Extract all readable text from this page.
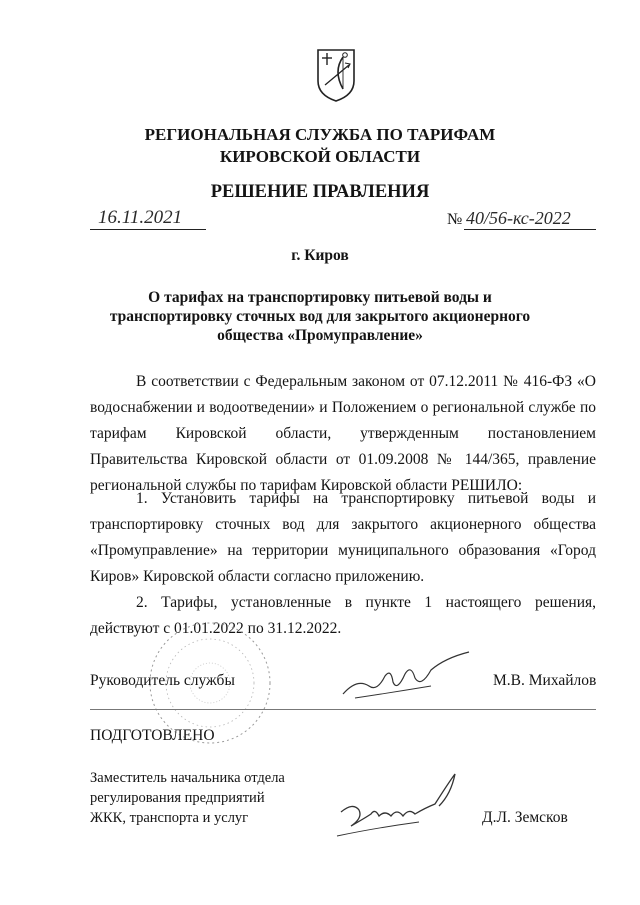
РЕГИОНАЛЬНАЯ СЛУЖБА ПО ТАРИФАМ
КИРОВСКОЙ ОБЛАСТИ
РЕШЕНИЕ ПРАВЛЕНИЯ
16.11.2021	№ 40/56-кс-2022
г. Киров
О тарифах на транспортировку питьевой воды и
транспортировку сточных вод для закрытого акционерного
общества «Промуправление»
В соответствии с Федеральным законом от 07.12.2011 № 416-ФЗ «О водоснабжении и водоотведении» и Положением о региональной службе по тарифам Кировской области, утвержденным постановлением Правительства Кировской области от 01.09.2008 № 144/365, правление региональной службы по тарифам Кировской области РЕШИЛО:
1. Установить тарифы на транспортировку питьевой воды и транспортировку сточных вод для закрытого акционерного общества «Промуправление» на территории муниципального образования «Город Киров» Кировской области согласно приложению.
2. Тарифы, установленные в пункте 1 настоящего решения,
действуют с 01.01.2022 по 31.12.2022.
Руководитель службы	М.В. Михайлов
ПОДГОТОВЛЕНО
Заместитель начальника отдела
регулирования предприятий
ЖКК, транспорта и услуг	Д.Л. Земсков
